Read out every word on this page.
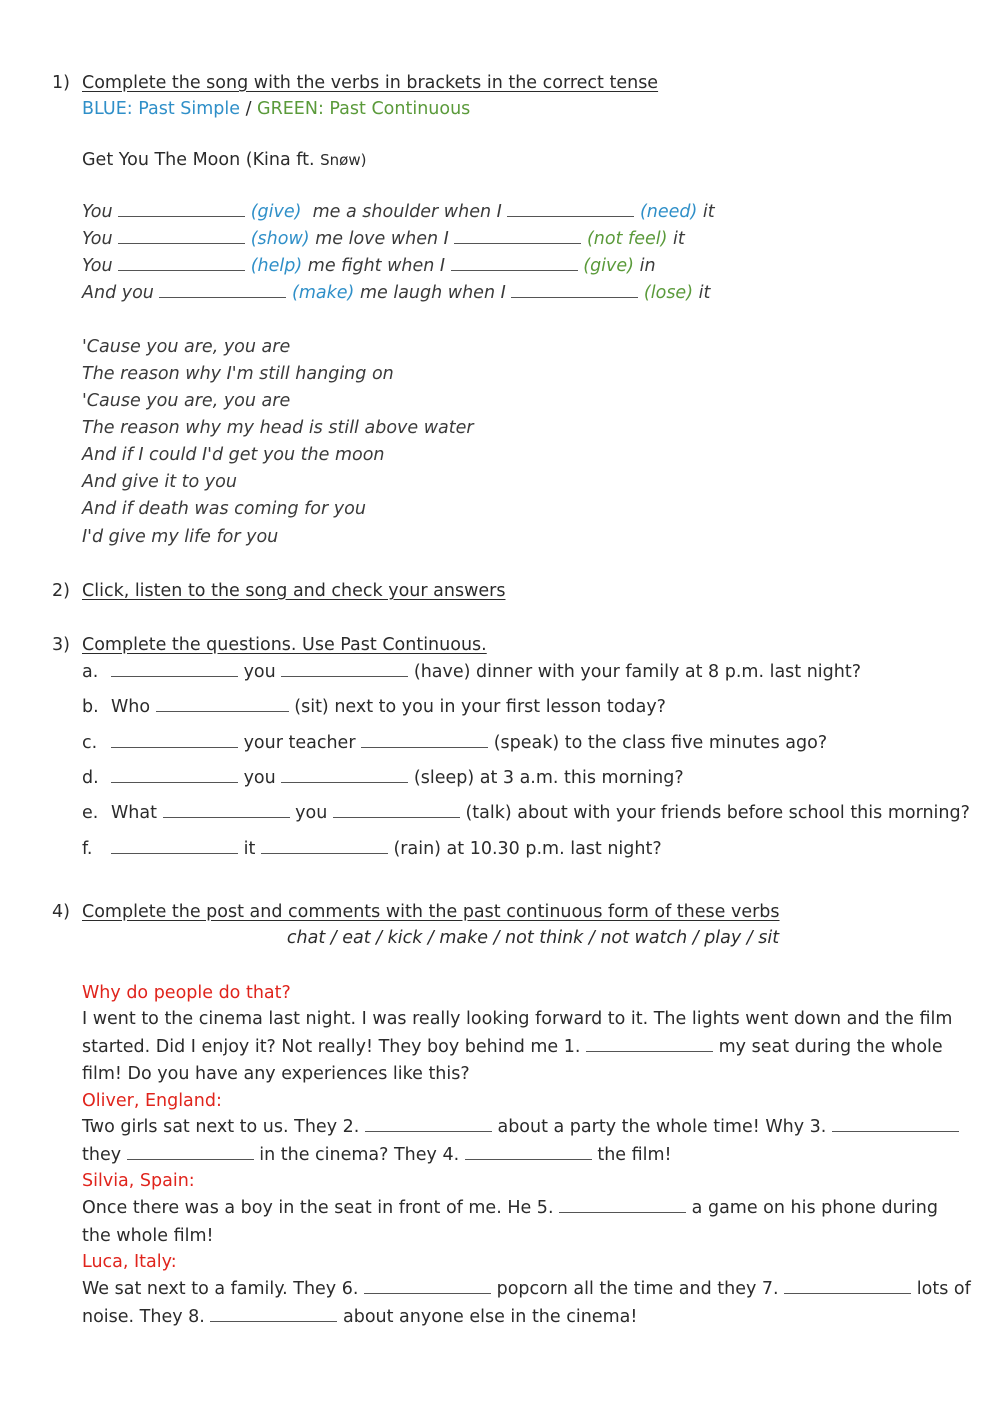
1) Complete the song with the verbs in brackets in the correct tense
BLUE: Past Simple / GREEN: Past Continuous
Get You The Moon (Kina ft. Snøw)
You	(give) me a shoulder when I	(need) it
You	(show) me love when I	(not feel) it
You	(help) me fight when I	(give) in
And you	(make) me laugh when I	(lose) it
'Cause you are, you are
The reason why I'm still hanging on
'Cause you are, you are
The reason why my head is still above water
And if I could I'd get you the moon
And give it to you
And if death was coming for you
I'd give my life for you
2) Click, listen to the song and check your answers
3) Complete the questions. Use Past Continuous.
a.	you	(have) dinner with your family at 8 p.m. last night?
b. Who	(sit) next to you in your first lesson today?
c.	your teacher	(speak) to the class five minutes ago?
d.	you	(sleep) at 3 a.m. this morning?
e. What	you	(talk) about with your friends before school this morning?
f.	it	(rain) at 10.30 p.m. last night?
4) Complete the post and comments with the past continuous form of these verbs
chat / eat / kick / make / not think / not watch / play / sit
Why do people do that?
I went to the cinema last night. I was really looking forward to it. The lights went down and the film started. Did I enjoy it? Not really! They boy behind me 1.	my seat during the whole film! Do you have any experiences like this?
Oliver, England:
Two girls sat next to us. They 2.	about a party the whole time! Why 3.  they	in the cinema? They 4.	the film!
Silvia, Spain:
Once there was a boy in the seat in front of me. He 5.	a game on his phone during the whole film!
Luca, Italy:
We sat next to a family. They 6.	popcorn all the time and they 7.	lots of noise. They 8.	about anyone else in the cinema!
